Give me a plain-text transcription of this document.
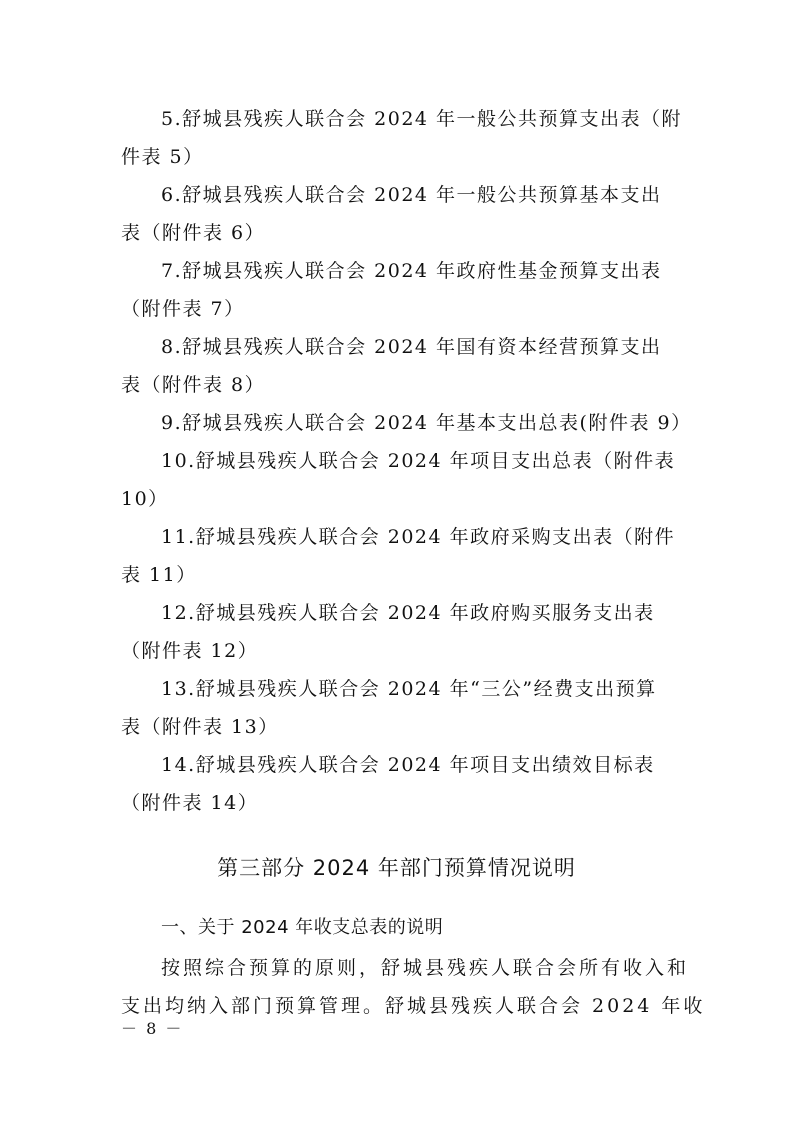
5.舒城县残疾人联合会 2024 年一般公共预算支出表（附
件表 5）
6.舒城县残疾人联合会 2024 年一般公共预算基本支出
表（附件表 6）
7.舒城县残疾人联合会 2024 年政府性基金预算支出表
（附件表 7）
8.舒城县残疾人联合会 2024 年国有资本经营预算支出
表（附件表 8）
9.舒城县残疾人联合会 2024 年基本支出总表(附件表 9）
10.舒城县残疾人联合会 2024 年项目支出总表（附件表
10）
11.舒城县残疾人联合会 2024 年政府采购支出表（附件
表 11）
12.舒城县残疾人联合会 2024 年政府购买服务支出表
（附件表 12）
13.舒城县残疾人联合会 2024 年“三公”经费支出预算
表（附件表 13）
14.舒城县残疾人联合会 2024 年项目支出绩效目标表
（附件表 14）
第三部分 2024 年部门预算情况说明
一、关于 2024 年收支总表的说明
按照综合预算的原则，舒城县残疾人联合会所有收入和
支出均纳入部门预算管理。舒城县残疾人联合会 2024 年收
－ 8 －
